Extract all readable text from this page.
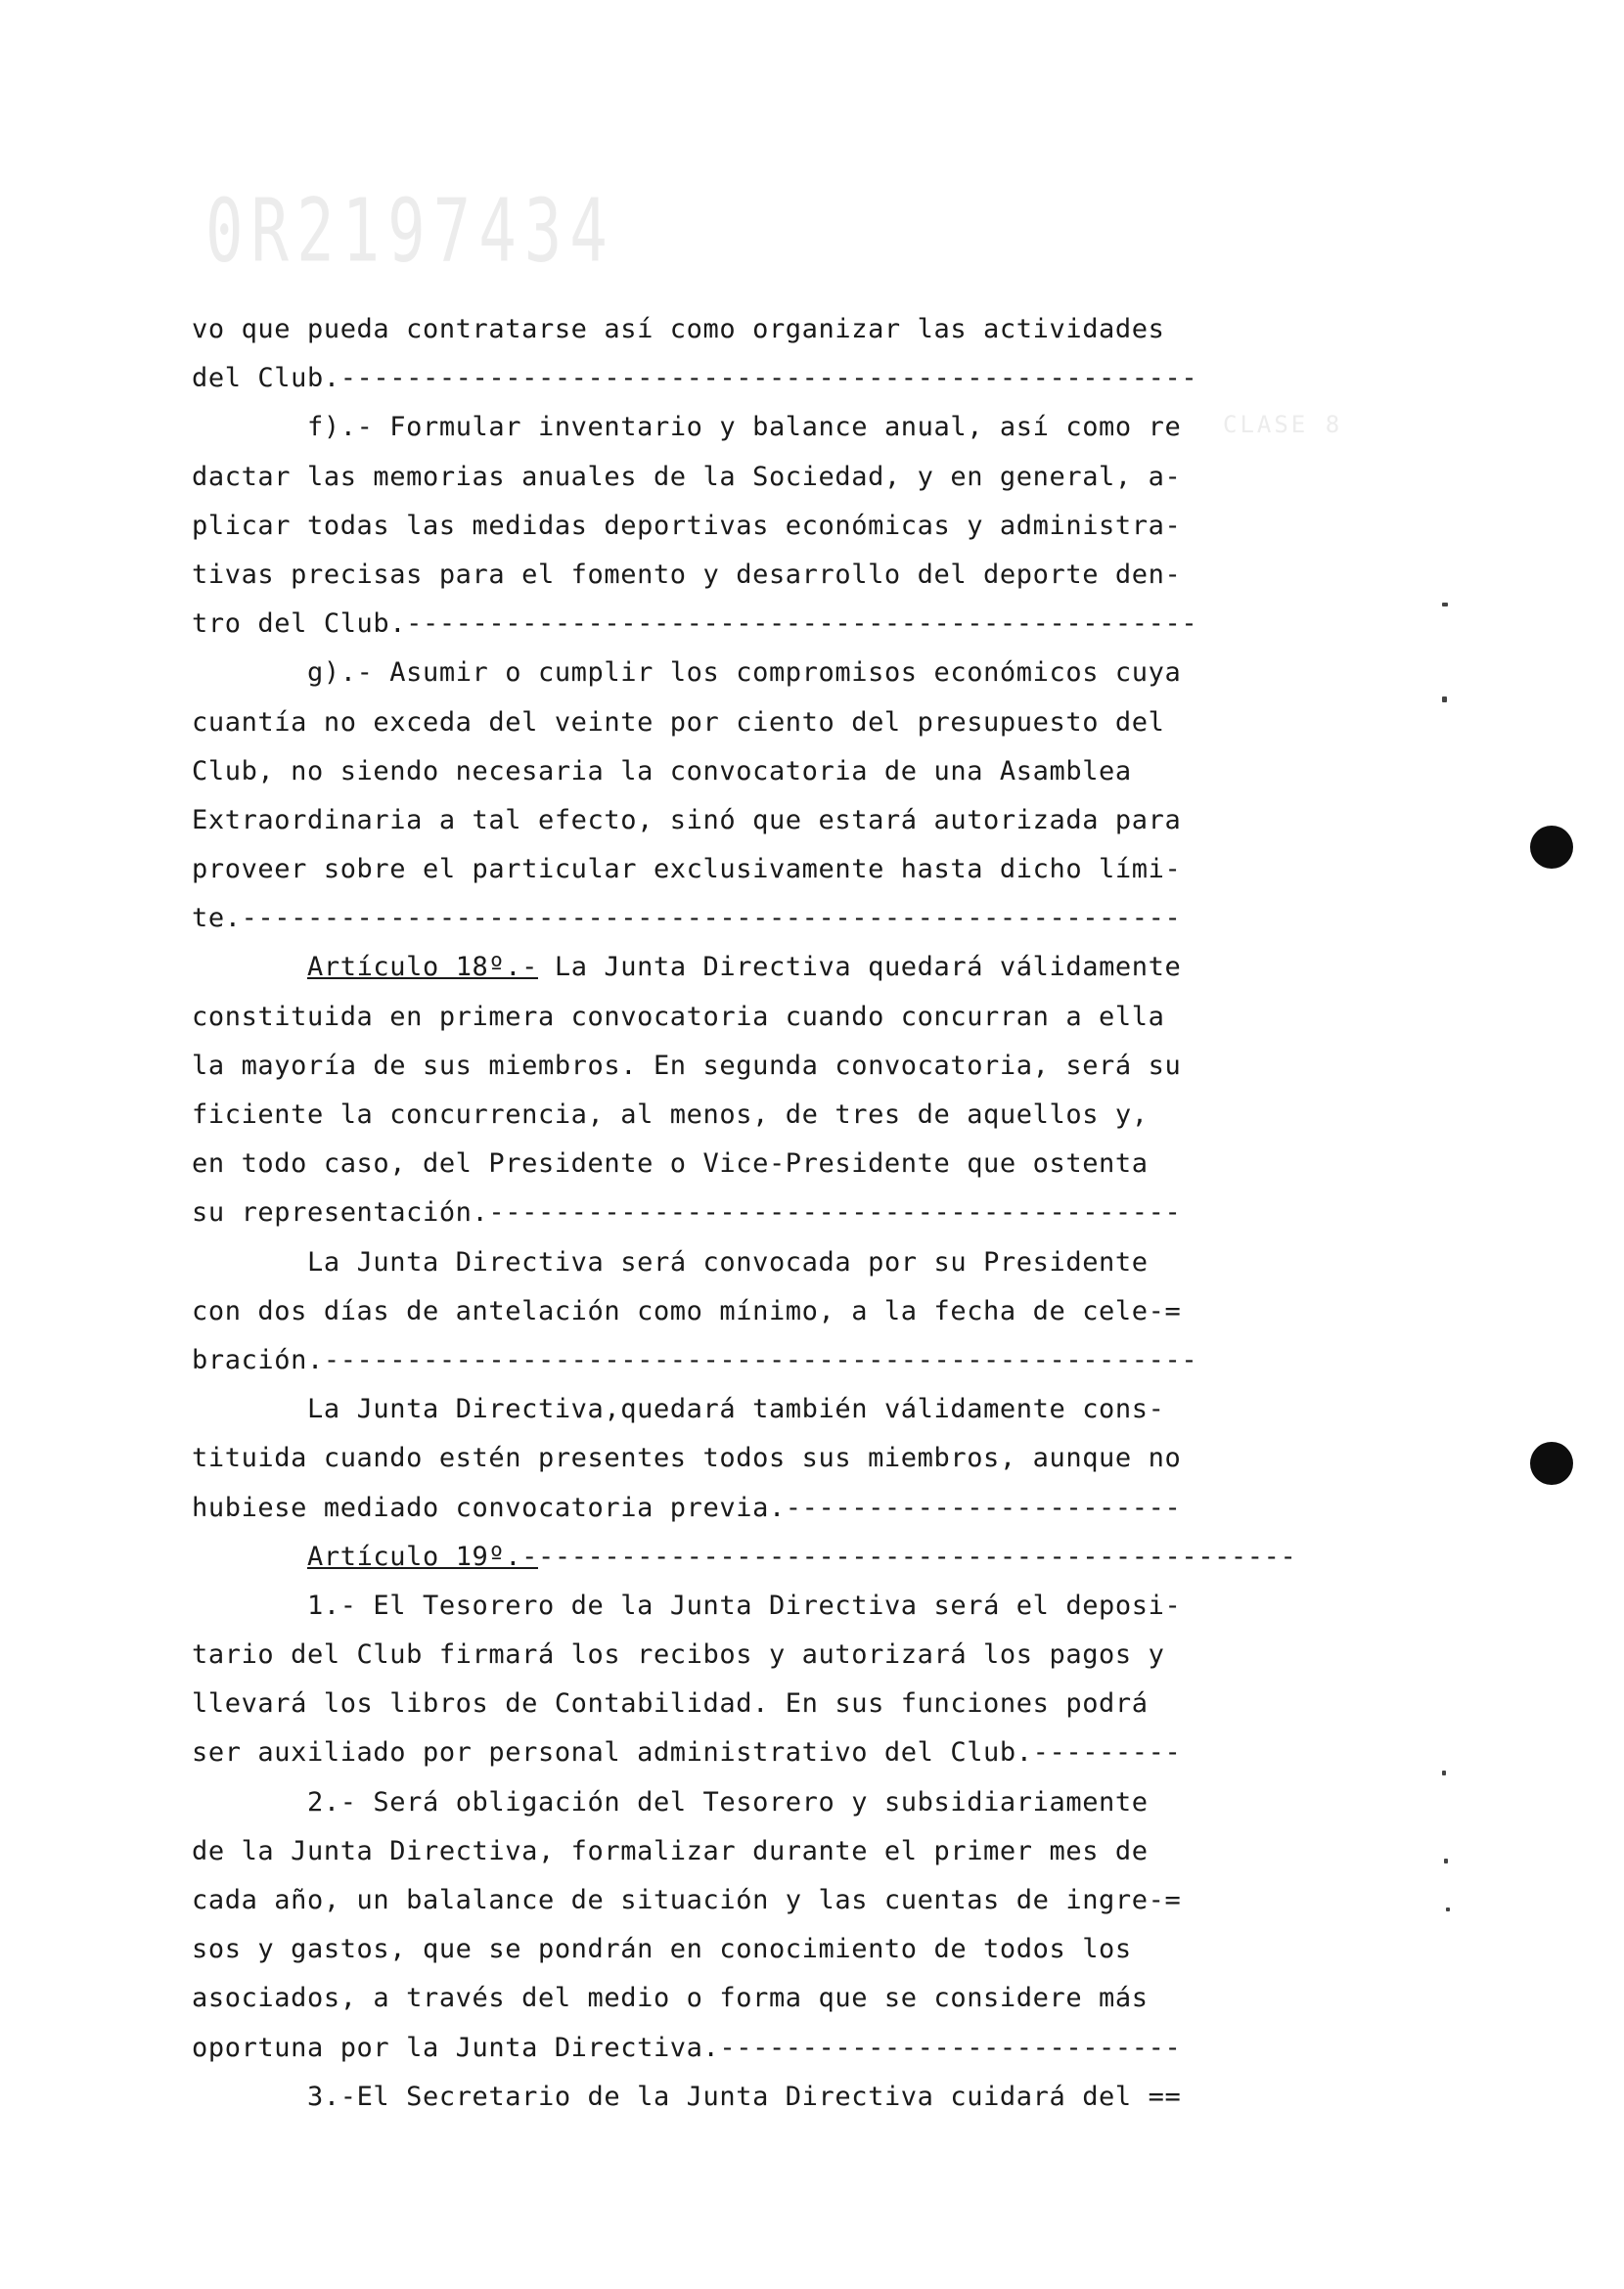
0R2197434
CLASE 8
vo que pueda contratarse así como organizar las actividades
del Club.----------------------------------------------------
f).- Formular inventario y balance anual, así como re
dactar las memorias anuales de la Sociedad, y en general, a-
plicar todas las medidas deportivas económicas y administra-
tivas precisas para el fomento y desarrollo del deporte den-
tro del Club.------------------------------------------------
g).- Asumir o cumplir los compromisos económicos cuya
cuantía no exceda del veinte por ciento del presupuesto del
Club, no siendo necesaria la convocatoria de una Asamblea
Extraordinaria a tal efecto, sinó que estará autorizada para
proveer sobre el particular exclusivamente hasta dicho lími-
te.---------------------------------------------------------
Artículo 18º.- La Junta Directiva quedará válidamente
constituida en primera convocatoria cuando concurran a ella
la mayoría de sus miembros. En segunda convocatoria, será su
ficiente la concurrencia, al menos, de tres de aquellos y,
en todo caso, del Presidente o Vice-Presidente que ostenta
su representación.------------------------------------------
La Junta Directiva será convocada por su Presidente
con dos días de antelación como mínimo, a la fecha de cele-=
bración.-----------------------------------------------------
La Junta Directiva,quedará también válidamente cons-
tituida cuando estén presentes todos sus miembros, aunque no
hubiese mediado convocatoria previa.------------------------
Artículo 19º.-----------------------------------------------
1.- El Tesorero de la Junta Directiva será el deposi-
tario del Club firmará los recibos y autorizará los pagos y
llevará los libros de Contabilidad. En sus funciones podrá
ser auxiliado por personal administrativo del Club.---------
2.- Será obligación del Tesorero y subsidiariamente
de la Junta Directiva, formalizar durante el primer mes de
cada año, un balalance de situación y las cuentas de ingre-=
sos y gastos, que se pondrán en conocimiento de todos los
asociados, a través del medio o forma que se considere más
oportuna por la Junta Directiva.----------------------------
3.-El Secretario de la Junta Directiva cuidará del ==
